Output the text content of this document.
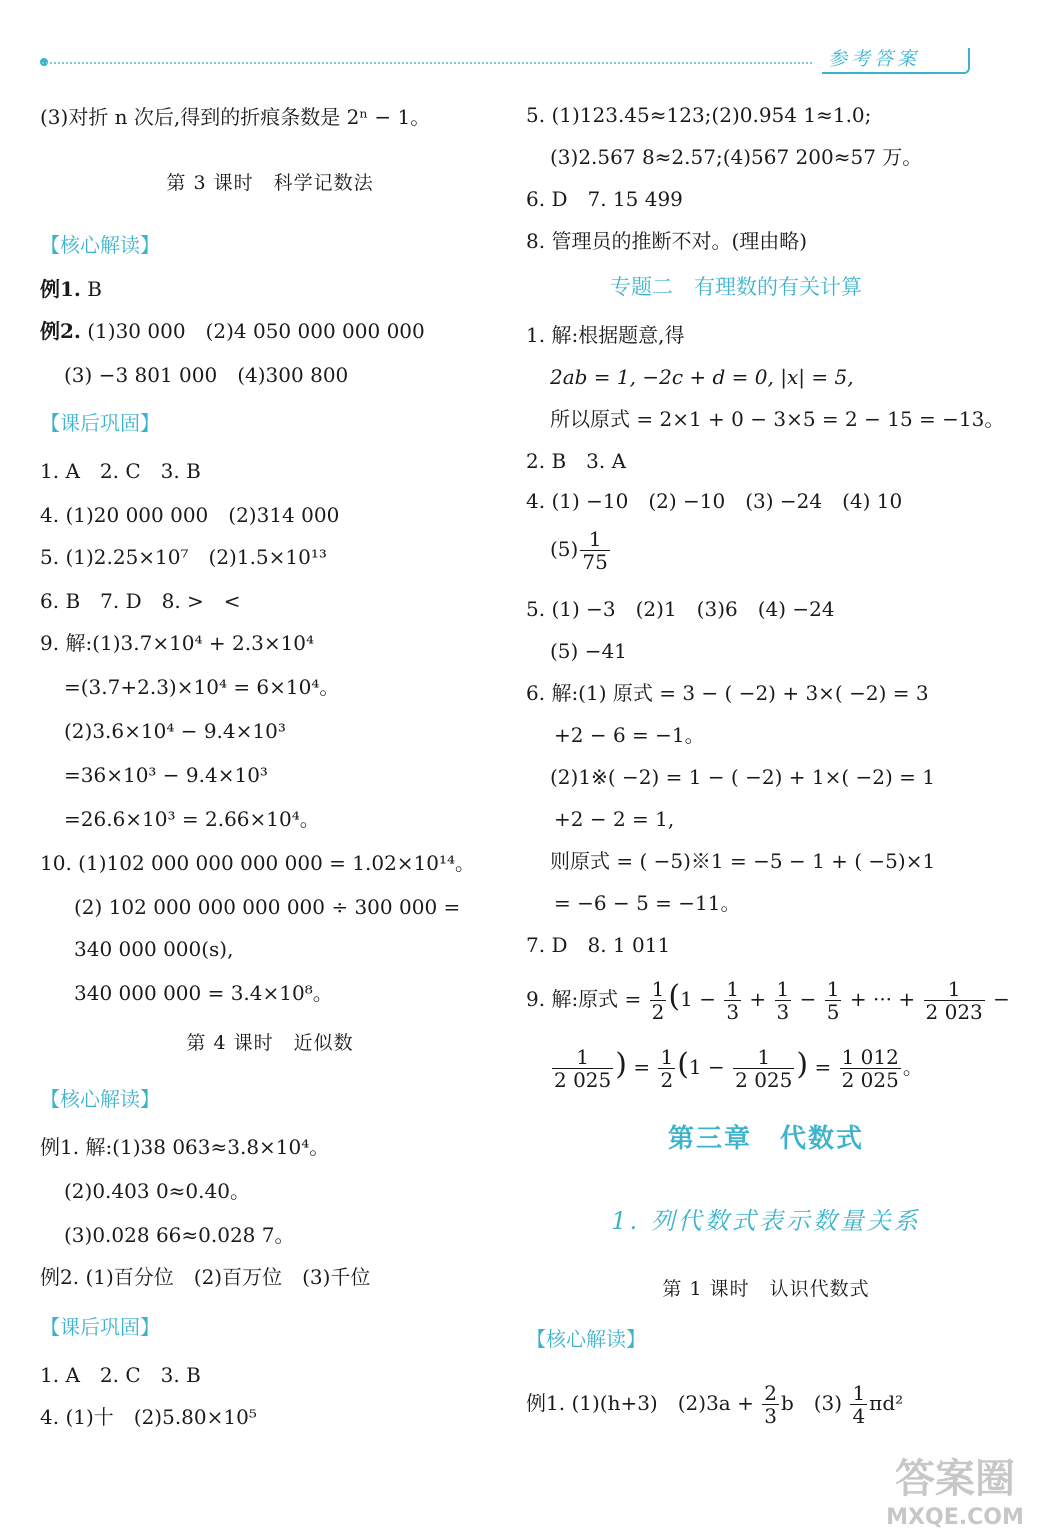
参考答案
(3)对折 n 次后,得到的折痕条数是 2ⁿ − 1。
第 3 课时　科学记数法
【核心解读】
例1. B
例2. (1)30 000　(2)4 050 000 000 000
(3) −3 801 000　(4)300 800
【课后巩固】
1. A　2. C　3. B
4. (1)20 000 000　(2)314 000
5. (1)2.25×10⁷　(2)1.5×10¹³
6. B　7. D　8. >　<
9. 解:(1)3.7×10⁴ + 2.3×10⁴
=(3.7+2.3)×10⁴ = 6×10⁴。
(2)3.6×10⁴ − 9.4×10³
=36×10³ − 9.4×10³
=26.6×10³ = 2.66×10⁴。
10. (1)102 000 000 000 000 = 1.02×10¹⁴。
(2) 102 000 000 000 000 ÷ 300 000 =
340 000 000(s),
340 000 000 = 3.4×10⁸。
第 4 课时　近似数
【核心解读】
例1. 解:(1)38 063≈3.8×10⁴。
(2)0.403 0≈0.40。
(3)0.028 66≈0.028 7。
例2. (1)百分位　(2)百万位　(3)千位
【课后巩固】
1. A　2. C　3. B
4. (1)十　(2)5.80×10⁵
5. (1)123.45≈123;(2)0.954 1≈1.0;
(3)2.567 8≈2.57;(4)567 200≈57 万。
6. D　7. 15 499
8. 管理员的推断不对。(理由略)
专题二　有理数的有关计算
1. 解:根据题意,得
2ab = 1, −2c + d = 0, |x| = 5,
所以原式 = 2×1 + 0 − 3×5 = 2 − 15 = −13。
2. B　3. A
4. (1) −10　(2) −10　(3) −24　(4) 10
$(5) \frac{1}{75}$
5. (1) −3　(2)1　(3)6　(4) −24
(5) −41
6. 解:(1) 原式 = 3 − ( −2) + 3×( −2) = 3
+2 − 6 = −1。
(2)1※( −2) = 1 − ( −2) + 1×( −2) = 1
+2 − 2 = 1,
则原式 = ( −5)※1 = −5 − 1 + ( −5)×1
= −6 − 5 = −11。
7. D　8. 1 011
9. 解:原式 = $\frac{1}{2} (1 - \frac{1}{3} + \frac{1}{3} - \frac{1}{5}$ + ··· + $\frac{1}{2 023}$ −
$\frac{1}{2 025}$ ) = $\frac{1}{2} (1 - \frac{1}{2 025}$ ) = $\frac{1 012}{2 025}$ 。
第三章　代数式
1. 列代数式表示数量关系
第 1 课时　认识代数式
【核心解读】
例1. (1)(h+3)　$(2)3a + \frac{2}{3}$ b　$(3) \frac{1}{4} \pi d^2$
答案圈
MXQE.COM
